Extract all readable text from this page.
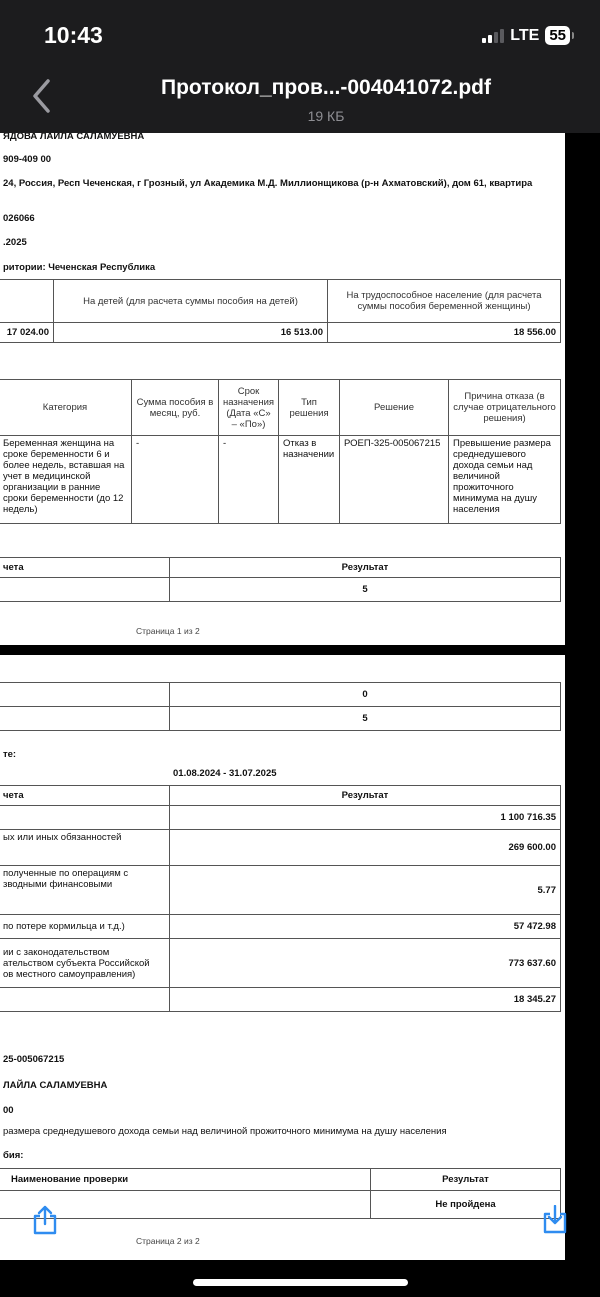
10:43	LTE 55
Протокол_пров...-004041072.pdf
19 КБ
ЯДОВА ЛАИЛА САЛАМУЕВНА
909-409 00
24, Россия, Респ Чеченская, г Грозный, ул Академика М.Д. Миллионщикова (р-н Ахматовский), дом 61, квартира
026066
.2025
ритории: Чеченская Республика
	На детей (для расчета суммы пособия на детей)	На трудоспособное население (для расчета суммы пособия беременной женщины)
17 024.00	16 513.00	18 556.00
Категория	Сумма пособия в месяц, руб.	Срок назначения (Дата «С» – «По»)	Тип решения	Решение	Причина отказа (в случае отрицательного решения)
Беременная женщина на сроке беременности 6 и более недель, вставшая на учет в медицинской организации в ранние сроки беременности (до 12 недель)	-	-	Отказ в назначении	РОЕП-325-005067215	Превышение размера среднедушевого дохода семьи над величиной прожиточного минимума на душу населения
чета	Результат
	5
Страница 1 из 2
	0
	5
те:
01.08.2024 - 31.07.2025
чета	Результат
	1 100 716.35
ых или иных обязанностей	269 600.00
полученные по операциям с
зводными финансовыми	5.77
по потере кормильца и т.д.)	57 472.98
ии с законодательством
ательством субъекта Российской
ов местного самоуправления)	773 637.60
	18 345.27
25-005067215
ЛАЙЛА САЛАМУЕВНА
00
размера среднедушевого дохода семьи над величиной прожиточного минимума на душу населения
бия:
Наименование проверки	Результат
	Не пройдена
Страница 2 из 2
